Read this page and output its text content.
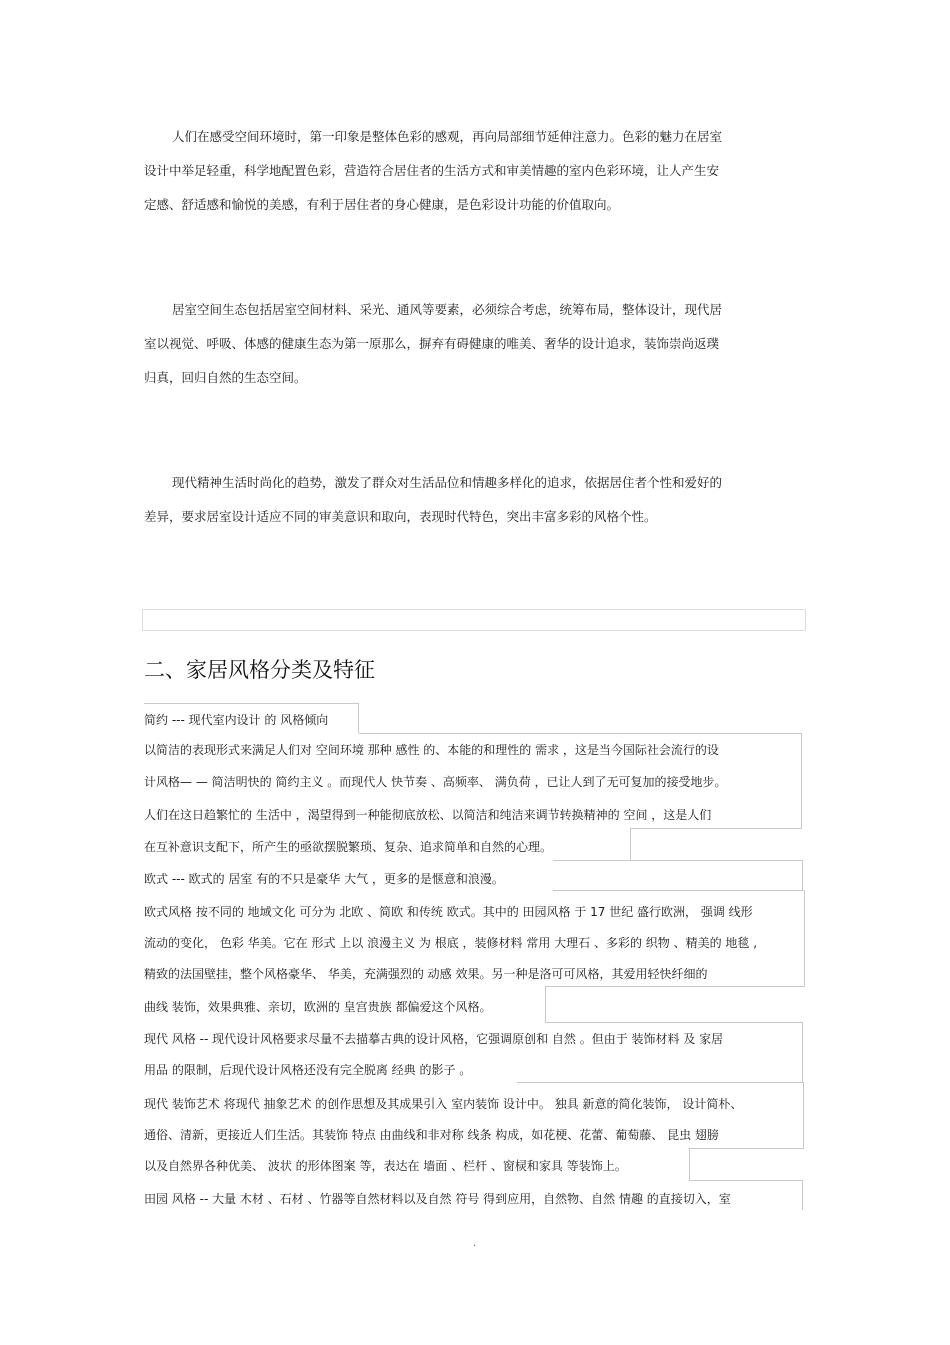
人们在感受空间环境时，第一印象是整体色彩的感观，再向局部细节延伸注意力。色彩的魅力在居室
设计中举足轻重，科学地配置色彩，营造符合居住者的生活方式和审美情趣的室内色彩环境，让人产生安
定感、舒适感和愉悦的美感，有利于居住者的身心健康，是色彩设计功能的价值取向。
居室空间生态包括居室空间材料、采光、通风等要素，必须综合考虑，统筹布局，整体设计，现代居
室以视觉、呼吸、体感的健康生态为第一原那么，摒弃有碍健康的唯美、奢华的设计追求，装饰崇尚返璞
归真，回归自然的生态空间。
现代精神生活时尚化的趋势，激发了群众对生活品位和情趣多样化的追求，依据居住者个性和爱好的
差异，要求居室设计适应不同的审美意识和取向，表现时代特色，突出丰富多彩的风格个性。
二、家居风格分类及特征
简约 --- 现代室内设计 的 风格倾向
以简洁的表现形式来满足人们对 空间环境 那种 感性 的、本能的和理性的 需求 ，这是当今国际社会流行的设
计风格— — 简洁明快的 简约主义 。而现代人 快节奏 、高频率、 满负荷 ，已让人到了无可复加的接受地步。
人们在这日趋繁忙的 生活中 ，渴望得到一种能彻底放松、以简洁和纯洁来调节转换精神的 空间 ，这是人们
在互补意识支配下，所产生的亟欲摆脱繁琐、复杂、追求简单和自然的心理。
欧式 --- 欧式的 居室 有的不只是豪华 大气 ，更多的是惬意和浪漫。
欧式风格 按不同的 地域文化 可分为 北欧 、简欧 和传统 欧式。其中的 田园风格 于 17 世纪 盛行欧洲， 强调 线形
流动的变化， 色彩 华美。它在 形式 上以 浪漫主义 为 根底 ，装修材料 常用 大理石 、多彩的 织物 、精美的 地毯 ,
精致的法国壁挂，整个风格豪华、 华美，充满强烈的 动感 效果。另一种是洛可可风格，其爱用轻快纤细的
曲线 装饰，效果典雅、亲切，欧洲的 皇宫贵族 都偏爱这个风格。
现代 风格 -- 现代设计风格要求尽量不去描摹古典的设计风格，它强调原创和 自然 。但由于 装饰材料 及 家居
用品 的限制，后现代设计风格还没有完全脱离 经典 的影子 。
现代 装饰艺术 将现代 抽象艺术 的创作思想及其成果引入 室内装饰 设计中。 独具 新意的简化装饰， 设计简朴、
通俗、清新，更接近人们生活。其装饰 特点 由曲线和非对称 线条 构成，如花梗、花蕾、葡萄藤、 昆虫 翅膀
以及自然界各种优美、 波状 的形体图案 等，表达在 墙面 、栏杆 、窗棂和家具 等装饰上。
田园 风格 -- 大量 木材 、石材 、竹器等自然材料以及自然 符号 得到应用，自然物、自然 情趣 的直接切入，室
.
